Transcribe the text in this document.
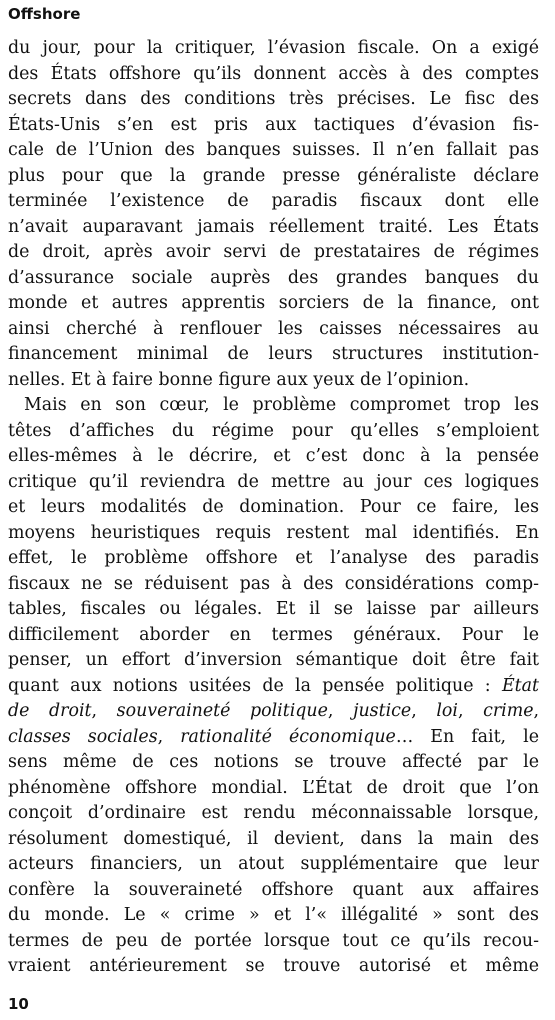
Offshore
du jour, pour la critiquer, l’évasion fiscale. On a exigé
des États offshore qu’ils donnent accès à des comptes
secrets dans des conditions très précises. Le fisc des
États-Unis s’en est pris aux tactiques d’évasion fis-
cale de l’Union des banques suisses. Il n’en fallait pas
plus pour que la grande presse généraliste déclare
terminée l’existence de paradis fiscaux dont elle
n’avait auparavant jamais réellement traité. Les États
de droit, après avoir servi de prestataires de régimes
d’assurance sociale auprès des grandes banques du
monde et autres apprentis sorciers de la finance, ont
ainsi cherché à renflouer les caisses nécessaires au
financement minimal de leurs structures institution-
nelles. Et à faire bonne figure aux yeux de l’opinion.
Mais en son cœur, le problème compromet trop les
têtes d’affiches du régime pour qu’elles s’emploient
elles-mêmes à le décrire, et c’est donc à la pensée
critique qu’il reviendra de mettre au jour ces logiques
et leurs modalités de domination. Pour ce faire, les
moyens heuristiques requis restent mal identifiés. En
effet, le problème offshore et l’analyse des paradis
fiscaux ne se réduisent pas à des considérations comp-
tables, fiscales ou légales. Et il se laisse par ailleurs
difficilement aborder en termes généraux. Pour le
penser, un effort d’inversion sémantique doit être fait
quant aux notions usitées de la pensée politique : État
de droit, souveraineté politique, justice, loi, crime,
classes sociales, rationalité économique… En fait, le
sens même de ces notions se trouve affecté par le
phénomène offshore mondial. L’État de droit que l’on
conçoit d’ordinaire est rendu méconnaissable lorsque,
résolument domestiqué, il devient, dans la main des
acteurs financiers, un atout supplémentaire que leur
confère la souveraineté offshore quant aux affaires
du monde. Le « crime » et l’« illégalité » sont des
termes de peu de portée lorsque tout ce qu’ils recou-
vraient antérieurement se trouve autorisé et même
10
